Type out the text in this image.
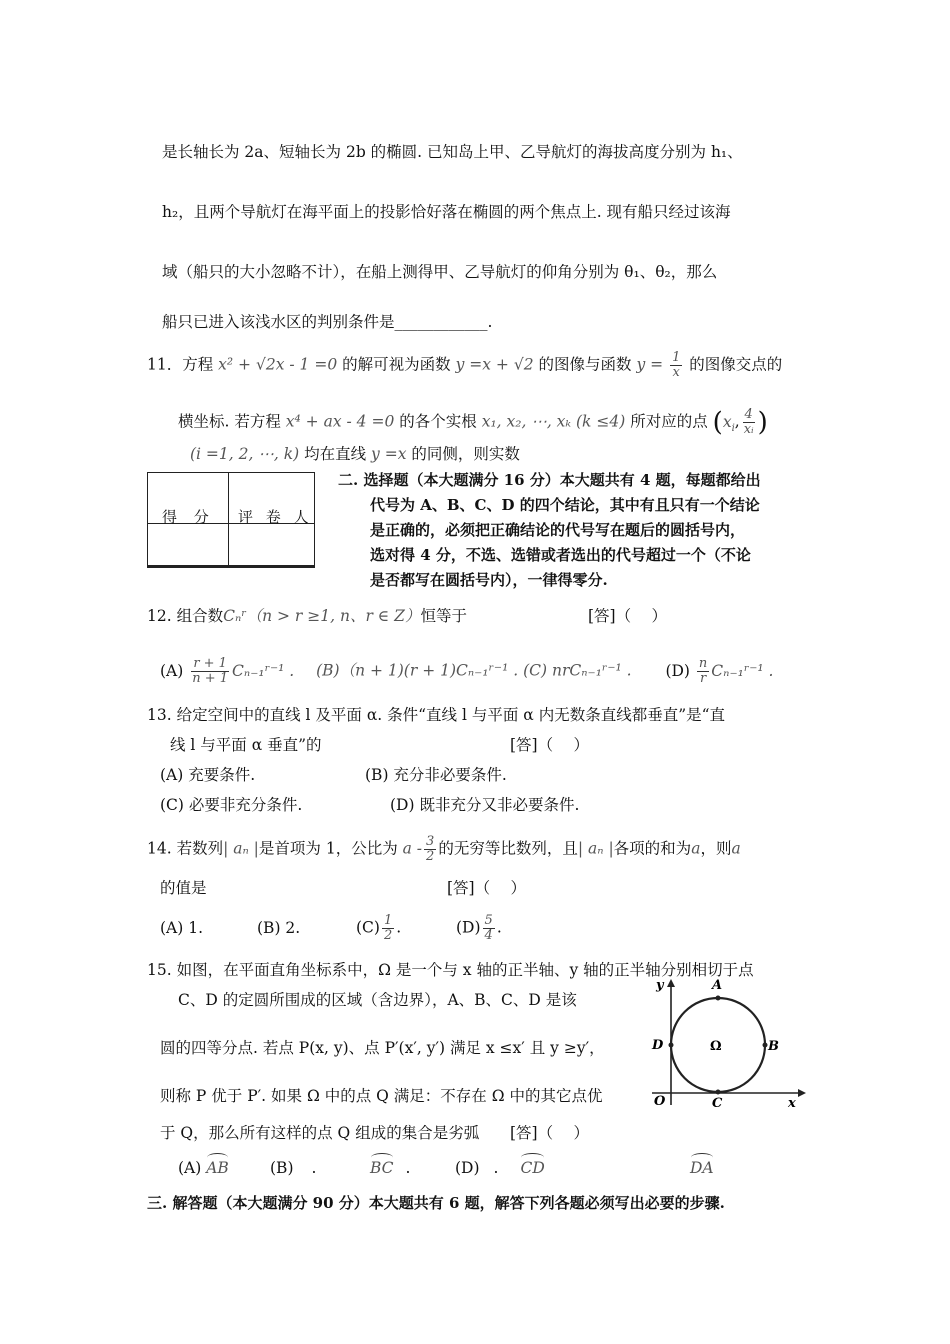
是长轴长为 2a、短轴长为 2b 的椭圆. 已知岛上甲、乙导航灯的海拔高度分别为 h₁、
h₂，且两个导航灯在海平面上的投影恰好落在椭圆的两个焦点上. 现有船只经过该海
域（船只的大小忽略不计），在船上测得甲、乙导航灯的仰角分别为 θ₁、θ₂，那么
船只已进入该浅水区的判别条件是____________.
11．方程 x² + √2x - 1 =0 的解可视为函数 y =x + √2 的图像与函数 $y = \frac{1}{x}$ 的图像交点的
横坐标. 若方程 x⁴ + ax - 4 =0 的各个实根 x₁, x₂, ⋯, xₖ (k ≤4) 所对应的点 ($x_i$, $\frac{4}{\text{xᵢ}}$ )
(i =1, 2, ⋯, k) 均在直线 y =x 的同侧，则实数
得 分 评 卷 人
二. 选择题（本大题满分 16 分）本大题共有 4 题，每题都给出
代号为 A、B、C、D 的四个结论，其中有且只有一个结论
是正确的，必须把正确结论的代号写在题后的圆括号内，
选对得 4 分，不选、选错或者选出的代号超过一个（不论
是否都写在圆括号内），一律得零分.
12. 组合数Cₙʳ（n > r ≥1, n、r ∈ Z）恒等于	[答]（　 ）
$(A) \frac{r + 1}{n + 1}$ Cₙ₋₁ʳ⁻¹ . (B)（n + 1)(r + 1)Cₙ₋₁ʳ⁻¹ . (C) nrCₙ₋₁ʳ⁻¹ . $(D) \frac{n}{r}$ Cₙ₋₁ʳ⁻¹ .
13. 给定空间中的直线 l 及平面 α. 条件“直线 l 与平面 α 内无数条直线都垂直”是“直
线 l 与平面 α 垂直”的	[答]（　 ）
(A) 充要条件.	(B) 充分非必要条件.
(C) 必要非充分条件.	(D) 既非充分又非必要条件.
14. 若数列| aₙ |是首项为 1，公比为 a - $\frac{3}{2}$ 的无穷等比数列，且| aₙ |各项的和为a，则a
的值是	[答]（　 ）
(A) 1.	(B) 2.	$(C) \frac{1}{2}$ .	$(D) \frac{5}{4}$ .
15. 如图，在平面直角坐标系中，Ω 是一个与 x 轴的正半轴、y 轴的正半轴分别相切于点
C、D 的定圆所围成的区域（含边界），A、B、C、D 是该
圆的四等分点. 若点 P(x, y)、点 P′(x′, y′) 满足 x ≤x′ 且 y ≥y′，
则称 P 优于 P′. 如果 Ω 中的点 Q 满足：不存在 Ω 中的其它点优
于 Q，那么所有这样的点 Q 组成的集合是劣弧 [答]（　 ）
(A) AB	(B) .	BC .	(D) . CD	DA
A
B
C
D
O	x
y
Ω
三. 解答题（本大题满分 90 分）本大题共有 6 题，解答下列各题必须写出必要的步骤.
